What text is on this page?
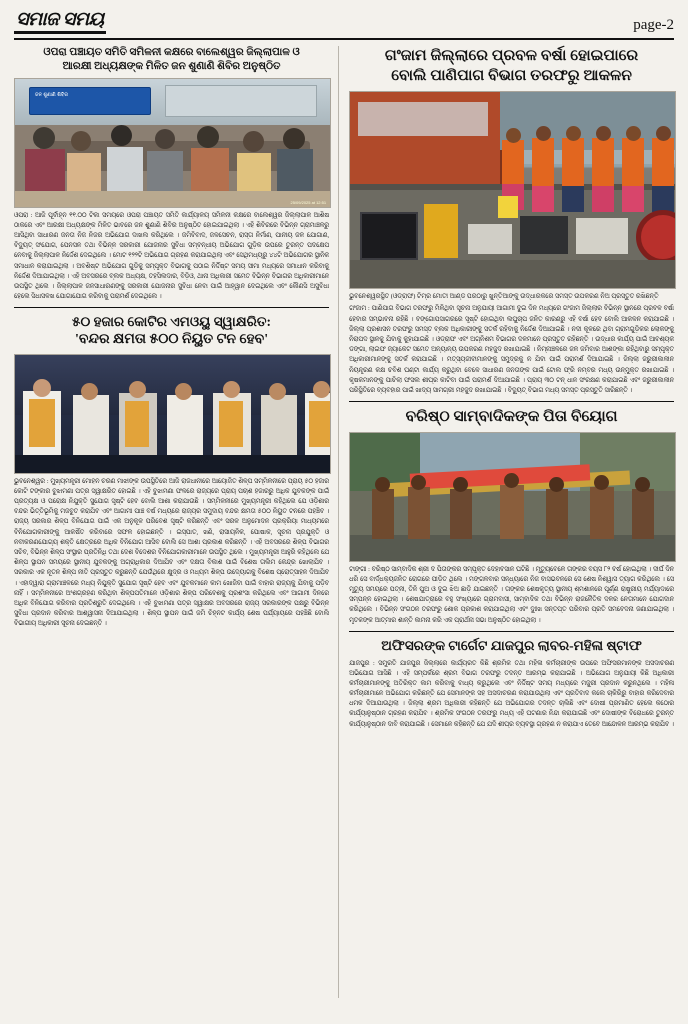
ସମାଜ ସମୟ	page-2
ଓପରା ପଞ୍ଚାୟତ ସମିତି ସମିଳନୀ କକ୍ଷରେ ବାଲେଶ୍ୱର ଜିଲ୍ଲାପାଳ ଓ
ଆରକ୍ଷୀ ଅଧ୍ୟକ୍ଷଙ୍କ ମିଳିତ ଜନ ଶୁଣାଣି ଶିବିର ଅନୁଷ୍ଠିତ
ଜନ ଶୁଣାଣି ଶିବିର
25/09/2025 at 12:51

ଓପରା : ଆଜି ପୂର୍ବାହ୍ନ ୧୧.୦୦ ଟିକା ସମୟରେ ଓପରା ପଞ୍ଚାୟତ ସମିତି କାର୍ଯ୍ୟାଳୟ ସମିଳନୀ କକ୍ଷରେ ବାଲେଶ୍ୱର ଜିଲ୍ଲାପାଳ ଆଶିଷ ଠାକରେ ଏବଂ ଆରକ୍ଷୀ ଅଧ୍ୟକ୍ଷଙ୍କ ମିଳିତ ଭାବରେ ଜନ ଶୁଣାଣି ଶିବିର ଅନୁଷ୍ଠିତ ହୋଇଯାଇଥିଲା । ଏହି ଶିବିରରେ ବିଭିନ୍ନ ଗ୍ରାମାଞ୍ଚଳରୁ ଆସିଥିବା ସାଧାରଣ ଜନତା ନିଜ ନିଜର ଅଭିଯୋଗ ଦାଖଲ କରିଥିଲେ । ଜମିବିବାଦ, ଜଳସେଚନ, ରାସ୍ତା ନିର୍ମାଣ, ପାନୀୟ ଜଳ ଯୋଗାଣ, ବିଦ୍ୟୁତ୍ ସଂଯୋଗ, ପେନସନ ତଥା ବିଭିନ୍ନ ସରକାରୀ ଯୋଜନାର ସୁବିଧା ସମ୍ବନ୍ଧୀୟ ଅଭିଯୋଗ ଗୁଡ଼ିକ ଉପରେ ତୁରନ୍ତ ପଦକ୍ଷେପ ନେବାକୁ ଜିଲ୍ଲାପାଳ ନିର୍ଦ୍ଦେଶ ଦେଇଥିଲେ । ମୋଟ ୧୨୨ଟି ଅଭିଯୋଗ ଗ୍ରହଣ କରାଯାଇଥିଲା ଏବଂ ସେଥିମଧ୍ୟରୁ ୪୪ଟି ଅଭିଯୋଗର ସ୍ଥାନିକ ସମାଧାନ କରାଯାଇଥିଲା । ଅବଶିଷ୍ଟ ଅଭିଯୋଗ ଗୁଡ଼ିକୁ ସମ୍ପୃକ୍ତ ବିଭାଗକୁ ପଠାଇ ନିର୍ଦ୍ଦିଷ୍ଟ ସମୟ ସୀମା ମଧ୍ୟରେ ସମାଧାନ କରିବାକୁ ନିର୍ଦ୍ଦେଶ ଦିଆଯାଇଥିଲା । ଏହି ଅବସରରେ ବ୍ଲକ ଅଧ୍ୟକ୍ଷ, ତହସିଲଦାର, ବିଡ଼ିଓ, ଥାନା ଅଧିକାରୀ ସମେତ ବିଭିନ୍ନ ବିଭାଗର ଅଧିକାରୀମାନେ ଉପସ୍ଥିତ ଥିଲେ । ଜିଲ୍ଲାପାଳ ଜନସାଧାରଣଙ୍କୁ ସରକାରୀ ଯୋଜନାର ସୁବିଧା ନେବା ପାଇଁ ଆହ୍ୱାନ ଦେଇଥିଲେ ଏବଂ କୌଣସି ଅସୁବିଧା ହେଲେ ସିଧାସଳଖ ଯୋଗାଯୋଗ କରିବାକୁ ପରାମର୍ଶ ଦେଇଥିଲେ ।

୫୦ ହଜାର କୋଟିର ଏମଓୟୁ ସ୍ୱାକ୍ଷରିତ:
'ବନ୍ଦର କ୍ଷମତା ୫୦୦ ନିୟୁତ ଟନ ହେବ'

ଭୁବନେଶ୍ୱର : ମୁଖ୍ୟମନ୍ତ୍ରୀ ମୋହନ ଚରଣ ମାଝୀଙ୍କ ଉପସ୍ଥିତିରେ ଆଜି ରାଜଧାନୀରେ ଆୟୋଜିତ ଶିଳ୍ପ ସମ୍ମିଳନୀରେ ପ୍ରାୟ ୫୦ ହଜାର କୋଟି ଟଙ୍କାର ବୁଝାମଣା ପତ୍ର ସ୍ୱାକ୍ଷରିତ ହୋଇଛି । ଏହି ବୁଝାମଣା ଫଳରେ ରାଜ୍ୟରେ ପ୍ରାୟ ପଚାଶ ହଜାରରୁ ଅଧିକ ଯୁବକଙ୍କ ପାଇଁ ପ୍ରତ୍ୟକ୍ଷ ଓ ପରୋକ୍ଷ ନିଯୁକ୍ତି ସୁଯୋଗ ସୃଷ୍ଟି ହେବ ବୋଲି ଆଶା କରାଯାଉଛି । ସମ୍ମିଳନୀରେ ମୁଖ୍ୟମନ୍ତ୍ରୀ କହିଥିଲେ ଯେ ଓଡ଼ିଶାର ବନ୍ଦର ଭିତ୍ତିଭୂମିକୁ ମଜବୁତ କରାଯିବ ଏବଂ ଆଗାମୀ ପାଞ୍ଚ ବର୍ଷ ମଧ୍ୟରେ ରାଜ୍ୟର ସମୁଦାୟ ବନ୍ଦର କ୍ଷମତା ୫୦୦ ନିୟୁତ ଟନରେ ପହଞ୍ଚିବ । ରାଜ୍ୟ ସରକାର ଶିଳ୍ପ ବିନିଯୋଗ ପାଇଁ ଏକ ଅନୁକୂଳ ପରିବେଶ ସୃଷ୍ଟି କରିଛନ୍ତି ଏବଂ ସରଳ ଅନୁମୋଦନ ପ୍ରକ୍ରିୟା ମାଧ୍ୟମରେ ବିନିଯୋଗକାରୀଙ୍କୁ ଆକର୍ଷିତ କରିବାରେ ସଫଳ ହୋଇଛନ୍ତି । ଇସ୍ପାତ, ଖଣି, ରାସାୟନିକ, ପୋଷାକ, ସୂଚନା ପ୍ରଯୁକ୍ତି ଓ ନବୀକରଣଯୋଗ୍ୟ ଶକ୍ତି କ୍ଷେତ୍ରରେ ଅଧିକ ବିନିଯୋଗ ଆସିବ ବୋଲି ସେ ଆଶା ପ୍ରକାଶ କରିଛନ୍ତି । ଏହି ଅବସରରେ ଶିଳ୍ପ ବିଭାଗର ସଚିବ, ବିଭିନ୍ନ ଶିଳ୍ପ ସଂସ୍ଥାର ପ୍ରତିନିଧି ତଥା ଦେଶ ବିଦେଶର ବିନିଯୋଗକାରୀମାନେ ଉପସ୍ଥିତ ଥିଲେ । ମୁଖ୍ୟମନ୍ତ୍ରୀ ଆହୁରି କହିଥିଲେ ଯେ ଶିଳ୍ପ ସ୍ଥାପନ ସମୟରେ ସ୍ଥାନୀୟ ଯୁବକଙ୍କୁ ଅଗ୍ରାଧିକାର ଦିଆଯିବ ଏବଂ ଦକ୍ଷତା ବିକାଶ ପାଇଁ ବିଶେଷ ତାଲିମ କେନ୍ଦ୍ର ଖୋଲାଯିବ । ସରକାର ଏକ ନୂତନ ଶିଳ୍ପ ନୀତି ପ୍ରସ୍ତୁତ କରୁଛନ୍ତି ଯେଉଁଥିରେ କ୍ଷୁଦ୍ର ଓ ମଧ୍ୟମ ଶିଳ୍ପ ଉଦ୍ୟୋଗକୁ ବିଶେଷ ପ୍ରୋତ୍ସାହନ ଦିଆଯିବ । ଏହାଦ୍ୱାରା ଗ୍ରାମାଞ୍ଚଳରେ ମଧ୍ୟ ନିଯୁକ୍ତି ସୁଯୋଗ ସୃଷ୍ଟି ହେବ ଏବଂ ଯୁବକମାନେ କାମ ଖୋଜିବା ପାଇଁ ବାହାର ରାଜ୍ୟକୁ ଯିବାକୁ ପଡ଼ିବ ନାହିଁ । ସମ୍ମିଳନୀରେ ଅଂଶଗ୍ରହଣ କରିଥିବା ଶିଳ୍ପପତିମାନେ ଓଡ଼ିଶାର ଶିଳ୍ପ ପରିବେଶକୁ ପ୍ରଶଂସା କରିଥିଲେ ଏବଂ ଆଗାମୀ ଦିନରେ ଅଧିକ ବିନିଯୋଗ କରିବାର ପ୍ରତିଶ୍ରୁତି ଦେଇଥିଲେ । ଏହି ବୁଝାମଣା ପତ୍ର ସ୍ୱାକ୍ଷର ଅବସରରେ ରାଜ୍ୟ ସରକାରଙ୍କ ପକ୍ଷରୁ ବିଭିନ୍ନ ସୁବିଧା ପ୍ରଦାନ କରିବାର ଆଶ୍ୱାସନା ଦିଆଯାଇଥିଲା । ଶିଳ୍ପ ସ୍ଥାପନ ପାଇଁ ଜମି ଚିହ୍ନଟ କାର୍ଯ୍ୟ ଶେଷ ପର୍ଯ୍ୟାୟରେ ପହଞ୍ଚିଛି ବୋଲି ବିଭାଗୀୟ ଅଧିକାରୀ ସୂଚନା ଦେଇଛନ୍ତି ।

ଗଂଜାମ ଜିଲ୍ଲାରେ ପ୍ରବଳ ବର୍ଷା ହୋଇପାରେ
ବୋଲି ପାଣିପାଗ ବିଭାଗ ତରଫରୁ ଆକଳନ
ଭୁବନେଶ୍ୱରସ୍ଥିତ (ଓଡ୍ରାଫ) ଟିମ୍‌ର ମୋତୀ ଆଣ୍ଡ ପରଠାରୁ ଖୁନ୍ତିଆଙ୍କୁ ଉଦ୍ଧାରକରେ ସମସ୍ତ ଉପକରଣ ନିଅ ପ୍ରସ୍ତୁତ ରଖିଛନ୍ତି

ଗଂଜାମ : ପାଣିପାଗ ବିଭାଗ ତରଫରୁ ମିଳିଥିବା ସୂଚନା ଅନୁଯାୟୀ ଆଗାମୀ ଦୁଇ ଦିନ ମଧ୍ୟରେ ଗଂଜାମ ଜିଲ୍ଲାର ବିଭିନ୍ନ ସ୍ଥାନରେ ପ୍ରବଳ ବର୍ଷା ହେବାର ସମ୍ଭାବନା ରହିଛି । ବଙ୍ଗୋପସାଗରରେ ସୃଷ୍ଟି ହୋଇଥିବା ଲଘୁଚାପ ଜନିତ କାରଣରୁ ଏହି ବର୍ଷା ହେବ ବୋଲି ଆକଳନ କରାଯାଇଛି । ଜିଲ୍ଲା ପ୍ରଶାସନ ତରଫରୁ ସମସ୍ତ ବ୍ଲକ ଅଧିକାରୀଙ୍କୁ ସତର୍କ ରହିବାକୁ ନିର୍ଦ୍ଦେଶ ଦିଆଯାଇଛି । ନଦୀ କୂଳରେ ଥିବା ଗ୍ରାମଗୁଡ଼ିକର ଲୋକଙ୍କୁ ନିରାପଦ ସ୍ଥାନକୁ ଯିବାକୁ କୁହାଯାଇଛି । ଓଡ୍ରାଫ ଏବଂ ଅଗ୍ନିଶମ ବିଭାଗର ଦଳମାନେ ପ୍ରସ୍ତୁତ ରହିଛନ୍ତି । ଉଦ୍ଧାର କାର୍ଯ୍ୟ ପାଇଁ ଆବଶ୍ୟକ ଡଙ୍ଗା, ଲାଇଫ ଜ୍ୟାକେଟ ସମେତ ଅନ୍ୟାନ୍ୟ ଉପକରଣ ମହଜୁଦ ରଖାଯାଇଛି । ନିମ୍ନାଞ୍ଚଳରେ ଜଳ ଜମିବାର ଆଶଙ୍କା ରହିଥିବାରୁ ସମ୍ପୃକ୍ତ ଅଧିକାରୀମାନଙ୍କୁ ସତର୍କ କରାଯାଇଛି । ମତ୍ସ୍ୟଜୀବୀମାନଙ୍କୁ ସମୁଦ୍ରକୁ ନ ଯିବା ପାଇଁ ପରାମର୍ଶ ଦିଆଯାଇଛି । ଜିଲ୍ଲା ଜରୁରୀକାଳୀନ ନିୟନ୍ତ୍ରଣ କକ୍ଷ ଚବିଶ ଘଣ୍ଟା କାର୍ଯ୍ୟ କରୁଥିବା ବେଳେ ସାଧାରଣ ଜନତାଙ୍କ ପାଇଁ ଟୋଲ ଫ୍ରି ନମ୍ବର ମଧ୍ୟ ଉନ୍ମୁକ୍ତ ରଖାଯାଇଛି । କୃଷକମାନଙ୍କୁ ପାଚିଲା ଫସଲ ଶୀଘ୍ର କାଟିବା ପାଇଁ ପରାମର୍ଶ ଦିଆଯାଇଛି । ପ୍ରାୟ ୩୦ ଟନ୍ ଧାନ ସଂରକ୍ଷଣ କରାଯାଇଛି ଏବଂ ଜରୁରୀକାଳୀନ ପରିସ୍ଥିତିରେ ବ୍ୟବହାର ପାଇଁ ଖାଦ୍ୟ ସାମଗ୍ରୀ ମହଜୁଦ ରଖାଯାଇଛି । ବିଦ୍ୟୁତ୍ ବିଭାଗ ମଧ୍ୟ ସମସ୍ତ ପ୍ରସ୍ତୁତି ସାରିଛନ୍ତି ।

ବରିଷ୍ଠ ସାମ୍ବାଦିକଙ୍କ ପିତା ବିୟୋଗ

ଟାଙ୍ଗୀ : ବରିଷ୍ଠ ସାମ୍ବାଦିକ ଶ୍ରୀ ଦ ପିତାଙ୍କର ସମ୍ପୃକ୍ତ ଦେହାବସାନ ଘଟିଛି । ମୃତ୍ୟୁବେଳେ ତାଙ୍କର ବୟସ ୮୨ ବର୍ଷ ହୋଇଥିଲା । ଦୀର୍ଘ ଦିନ ଧରି ସେ ବାର୍ଦ୍ଧକ୍ୟଜନିତ ରୋଗରେ ପୀଡ଼ିତ ଥିଲେ । ମଙ୍ଗଳବାର ସନ୍ଧ୍ୟାରେ ନିଜ ବାସଭବନରେ ସେ ଶେଷ ନିଶ୍ୱାସ ତ୍ୟାଗ କରିଥିଲେ । ସେ ମୃତ୍ୟୁ ସମୟରେ ପତ୍ନୀ, ତିନି ପୁଅ ଓ ଦୁଇ ଝିଅ ଛାଡ଼ି ଯାଇଛନ୍ତି । ତାଙ୍କର ଶେଷକୃତ୍ୟ ସ୍ଥାନୀୟ ଶ୍ମଶାନରେ ପୂର୍ଣ୍ଣ ରାଷ୍ଟ୍ରୀୟ ମର୍ଯ୍ୟାଦାରେ ସମ୍ପନ୍ନ ହୋଇଥିଲା । ଶେଷଯାତ୍ରାରେ ବହୁ ସଂଖ୍ୟାରେ ଗ୍ରାମବାସୀ, ସାମ୍ବାଦିକ ତଥା ବିଭିନ୍ନ ରାଜନୈତିକ ଦଳର ନେତାମାନେ ଯୋଗଦାନ କରିଥିଲେ । ବିଭିନ୍ନ ସଂଗଠନ ତରଫରୁ ଶୋକ ପ୍ରକାଶ କରାଯାଇଥିଲା ଏବଂ ଦୁଃଖ ସନ୍ତପ୍ତ ପରିବାର ପ୍ରତି ସମବେଦନା ଜଣାଯାଇଥିଲା । ମୃତକଙ୍କ ଆତ୍ମାର ଶାନ୍ତି କାମନା କରି ଏକ ପ୍ରାର୍ଥନା ସଭା ଅନୁଷ୍ଠିତ ହୋଇଥିଲା ।

ଅଫିସରଙ୍କ ଟାର୍ଗେଟ ଯାଜପୁର ଲାବର-ମହିଳା ଷ୍ଟାଫ

ଯାଜପୁର : ସମ୍ପ୍ରତି ଯାଜପୁର ଜିଲ୍ଲାରେ କାର୍ଯ୍ୟରତ କିଛି ଶ୍ରମିକ ତଥା ମହିଳା କର୍ମଚାରୀଙ୍କ ଉପରେ ଅଫିସରମାନଙ୍କ ଅସଦାଚରଣ ଅଭିଯୋଗ ଆସିଛି । ଏହି ସମ୍ପର୍କରେ ଶ୍ରମ ବିଭାଗ ତରଫରୁ ତଦନ୍ତ ଆରମ୍ଭ କରାଯାଇଛି । ଅଭିଯୋଗ ଅନୁଯାୟୀ କିଛି ଅଧିକାରୀ କର୍ମଚାରୀମାନଙ୍କୁ ଅତିରିକ୍ତ କାମ କରିବାକୁ ବାଧ୍ୟ କରୁଥିଲେ ଏବଂ ନିର୍ଦ୍ଦିଷ୍ଟ ସମୟ ମଧ୍ୟରେ ମଜୁରୀ ପ୍ରଦାନ କରୁନଥିଲେ । ମହିଳା କର୍ମଚାରୀମାନେ ଅଭିଯୋଗ କରିଛନ୍ତି ଯେ ସେମାନଙ୍କ ସହ ଅସଦାଚରଣ କରାଯାଉଥିଲା ଏବଂ ପ୍ରତିବାଦ କଲେ ଚାକିରିରୁ ବାହାର କରିଦେବାର ଧମକ ଦିଆଯାଉଥିଲା । ଜିଲ୍ଲା ଶ୍ରମ ଅଧିକାରୀ କହିଛନ୍ତି ଯେ ଅଭିଯୋଗର ତଦନ୍ତ ଚାଲିଛି ଏବଂ ଦୋଷୀ ପ୍ରମାଣିତ ହେଲେ କଠୋର କାର୍ଯ୍ୟାନୁଷ୍ଠାନ ଗ୍ରହଣ କରାଯିବ । ଶ୍ରମିକ ସଂଗଠନ ତରଫରୁ ମଧ୍ୟ ଏହି ଘଟଣାର ନିନ୍ଦା କରାଯାଇଛି ଏବଂ ଦୋଷୀଙ୍କ ବିରୋଧରେ ତୁରନ୍ତ କାର୍ଯ୍ୟାନୁଷ୍ଠାନ ଦାବି କରାଯାଇଛି । ସେମାନେ କହିଛନ୍ତି ଯେ ଯଦି ଶୀଘ୍ର ବ୍ୟବସ୍ଥା ଗ୍ରହଣ ନ କରାଯାଏ ତେବେ ଆନ୍ଦୋଳନ ଆରମ୍ଭ କରାଯିବ ।
